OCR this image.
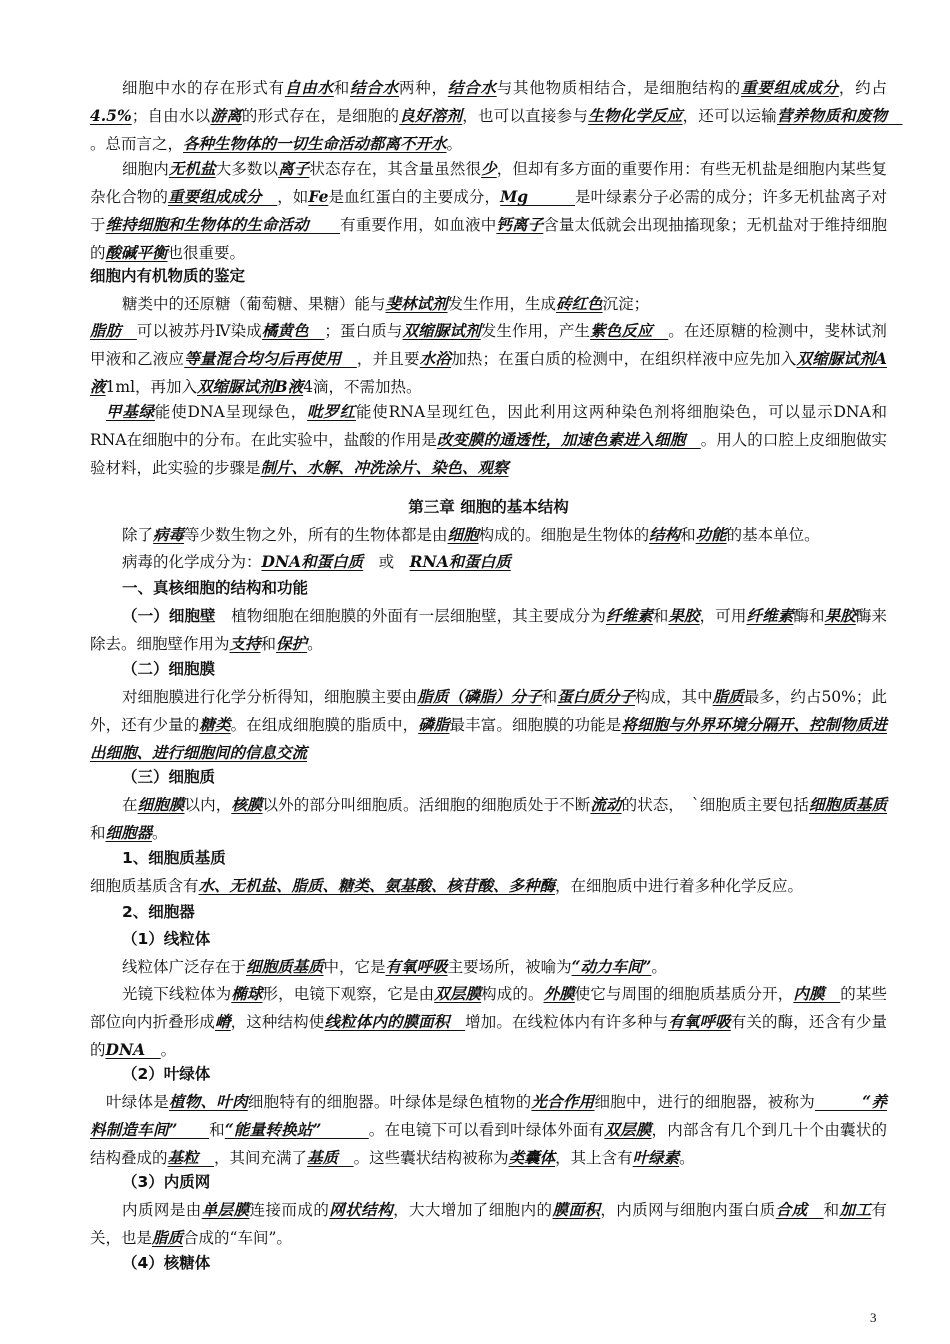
细胞中水的存在形式有自由水和结合水两种，结合水与其他物质相结合，是细胞结构的重要组成成分，约占4.5%；自由水以游离的形式存在，是细胞的良好溶剂，也可以直接参与生物化学反应，还可以运输营养物质和废物　。总而言之，各种生物体的一切生命活动都离不开水。
细胞内无机盐大多数以离子状态存在，其含量虽然很少，但却有多方面的重要作用：有些无机盐是细胞内某些复杂化合物的重要组成成分　，如Fe是血红蛋白的主要成分，Mg　　　是叶绿素分子必需的成分；许多无机盐离子对于维持细胞和生物体的生命活动　　有重要作用，如血液中钙离子含量太低就会出现抽搐现象；无机盐对于维持细胞的酸碱平衡也很重要。
细胞内有机物质的鉴定
糖类中的还原糖（葡萄糖、果糖）能与斐林试剂发生作用，生成砖红色沉淀；
脂肪　可以被苏丹Ⅳ染成橘黄色　；蛋白质与双缩脲试剂发生作用，产生紫色反应　。在还原糖的检测中，斐林试剂甲液和乙液应等量混合均匀后再使用　，并且要水浴加热；在蛋白质的检测中，在组织样液中应先加入双缩脲试剂A液1ml，再加入双缩脲试剂B液4滴，不需加热。
甲基绿能使DNA呈现绿色，吡罗红能使RNA呈现红色，因此利用这两种染色剂将细胞染色，可以显示DNA和RNA在细胞中的分布。在此实验中，盐酸的作用是改变膜的通透性，加速色素进入细胞　。用人的口腔上皮细胞做实验材料，此实验的步骤是制片、水解、冲洗涂片、染色、观察
第三章 细胞的基本结构
除了病毒等少数生物之外，所有的生物体都是由细胞构成的。细胞是生物体的结构和功能的基本单位。
病毒的化学成分为：DNA和蛋白质　或　RNA和蛋白质
一、真核细胞的结构和功能
（一）细胞壁　植物细胞在细胞膜的外面有一层细胞壁，其主要成分为纤维素和果胶，可用纤维素酶和果胶酶来除去。细胞壁作用为支持和保护。
（二）细胞膜
对细胞膜进行化学分析得知，细胞膜主要由脂质（磷脂）分子和蛋白质分子构成，其中脂质最多，约占50%；此外，还有少量的糖类。在组成细胞膜的脂质中，磷脂最丰富。细胞膜的功能是将细胞与外界环境分隔开、控制物质进出细胞、进行细胞间的信息交流
（三）细胞质
在细胞膜以内，核膜以外的部分叫细胞质。活细胞的细胞质处于不断流动的状态，　`细胞质主要包括细胞质基质和细胞器。
1、细胞质基质
细胞质基质含有水、无机盐、脂质、糖类、氨基酸、核苷酸、多种酶，在细胞质中进行着多种化学反应。
2、细胞器
（1）线粒体
线粒体广泛存在于细胞质基质中，它是有氧呼吸主要场所，被喻为“动力车间”。
光镜下线粒体为椭球形，电镜下观察，它是由双层膜构成的。外膜使它与周围的细胞质基质分开，内膜　的某些部位向内折叠形成嵴，这种结构使线粒体内的膜面积　增加。在线粒体内有许多种与有氧呼吸有关的酶，还含有少量的DNA　。
（2）叶绿体
叶绿体是植物、叶肉细胞特有的细胞器。叶绿体是绿色植物的光合作用细胞中，进行的细胞器，被称为　　　“养料制造车间”　　和“能量转换站”　　　。在电镜下可以看到叶绿体外面有双层膜，内部含有几个到几十个由囊状的结构叠成的基粒　，其间充满了基质　。这些囊状结构被称为类囊体，其上含有叶绿素。
（3）内质网
内质网是由单层膜连接而成的网状结构，大大增加了细胞内的膜面积，内质网与细胞内蛋白质合成　和加工有关，也是脂质合成的“车间”。
（4）核糖体
3
